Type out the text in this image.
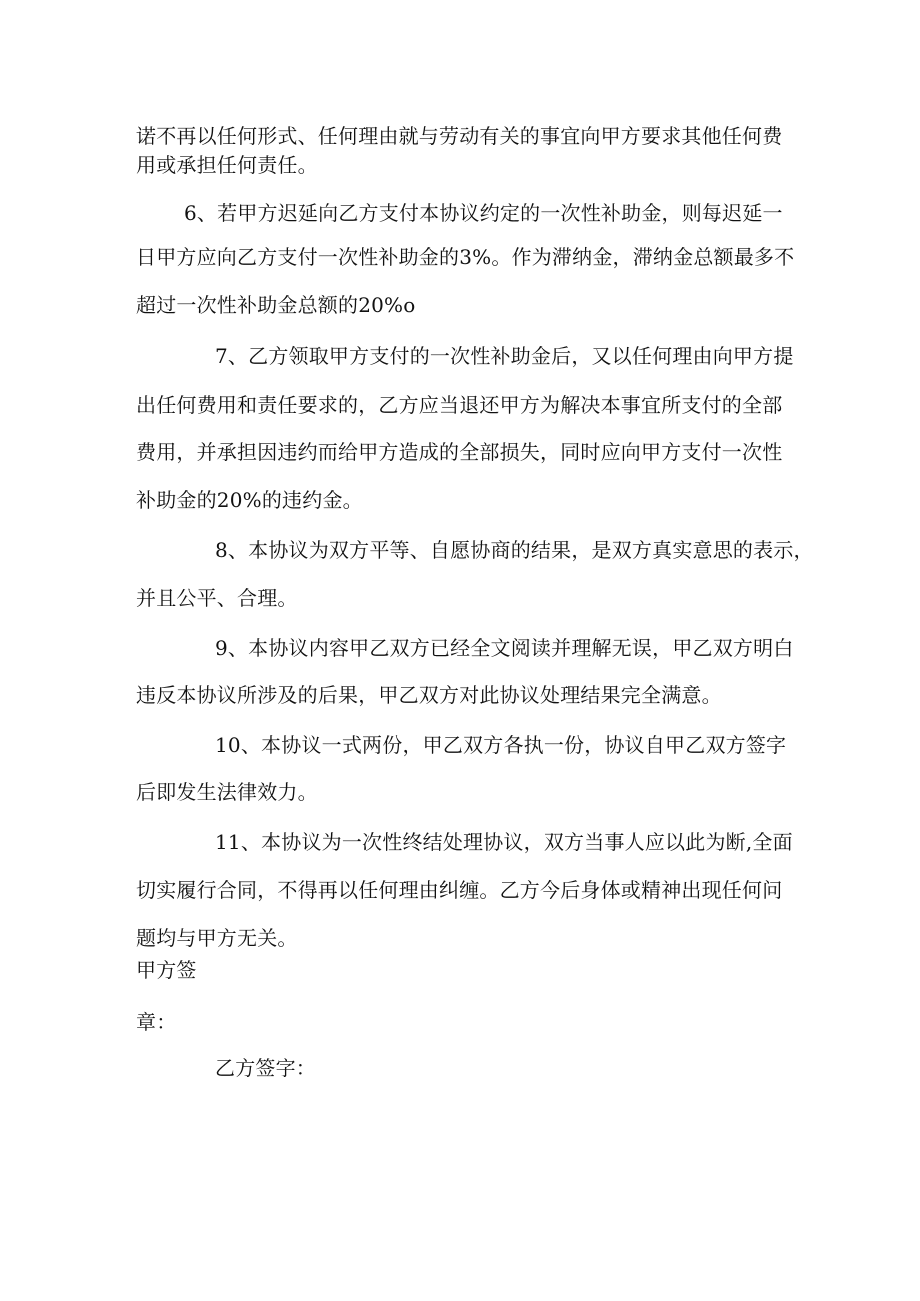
诺不再以任何形式、任何理由就与劳动有关的事宜向甲方要求其他任何费
用或承担任何责任。
6、若甲方迟延向乙方支付本协议约定的一次性补助金，则每迟延一
日甲方应向乙方支付一次性补助金的3%。作为滞纳金，滞纳金总额最多不
超过一次性补助金总额的20%o
7、乙方领取甲方支付的一次性补助金后，又以任何理由向甲方提
出任何费用和责任要求的，乙方应当退还甲方为解决本事宜所支付的全部
费用，并承担因违约而给甲方造成的全部损失，同时应向甲方支付一次性
补助金的20%的违约金。
8、本协议为双方平等、自愿协商的结果，是双方真实意思的表示，
并且公平、合理。
9、本协议内容甲乙双方已经全文阅读并理解无误，甲乙双方明白
违反本协议所涉及的后果，甲乙双方对此协议处理结果完全满意。
10、本协议一式两份，甲乙双方各执一份，协议自甲乙双方签字
后即发生法律效力。
11、本协议为一次性终结处理协议，双方当事人应以此为断,全面
切实履行合同，不得再以任何理由纠缠。乙方今后身体或精神出现任何问
题均与甲方无关。
甲方签
章：
乙方签字：
